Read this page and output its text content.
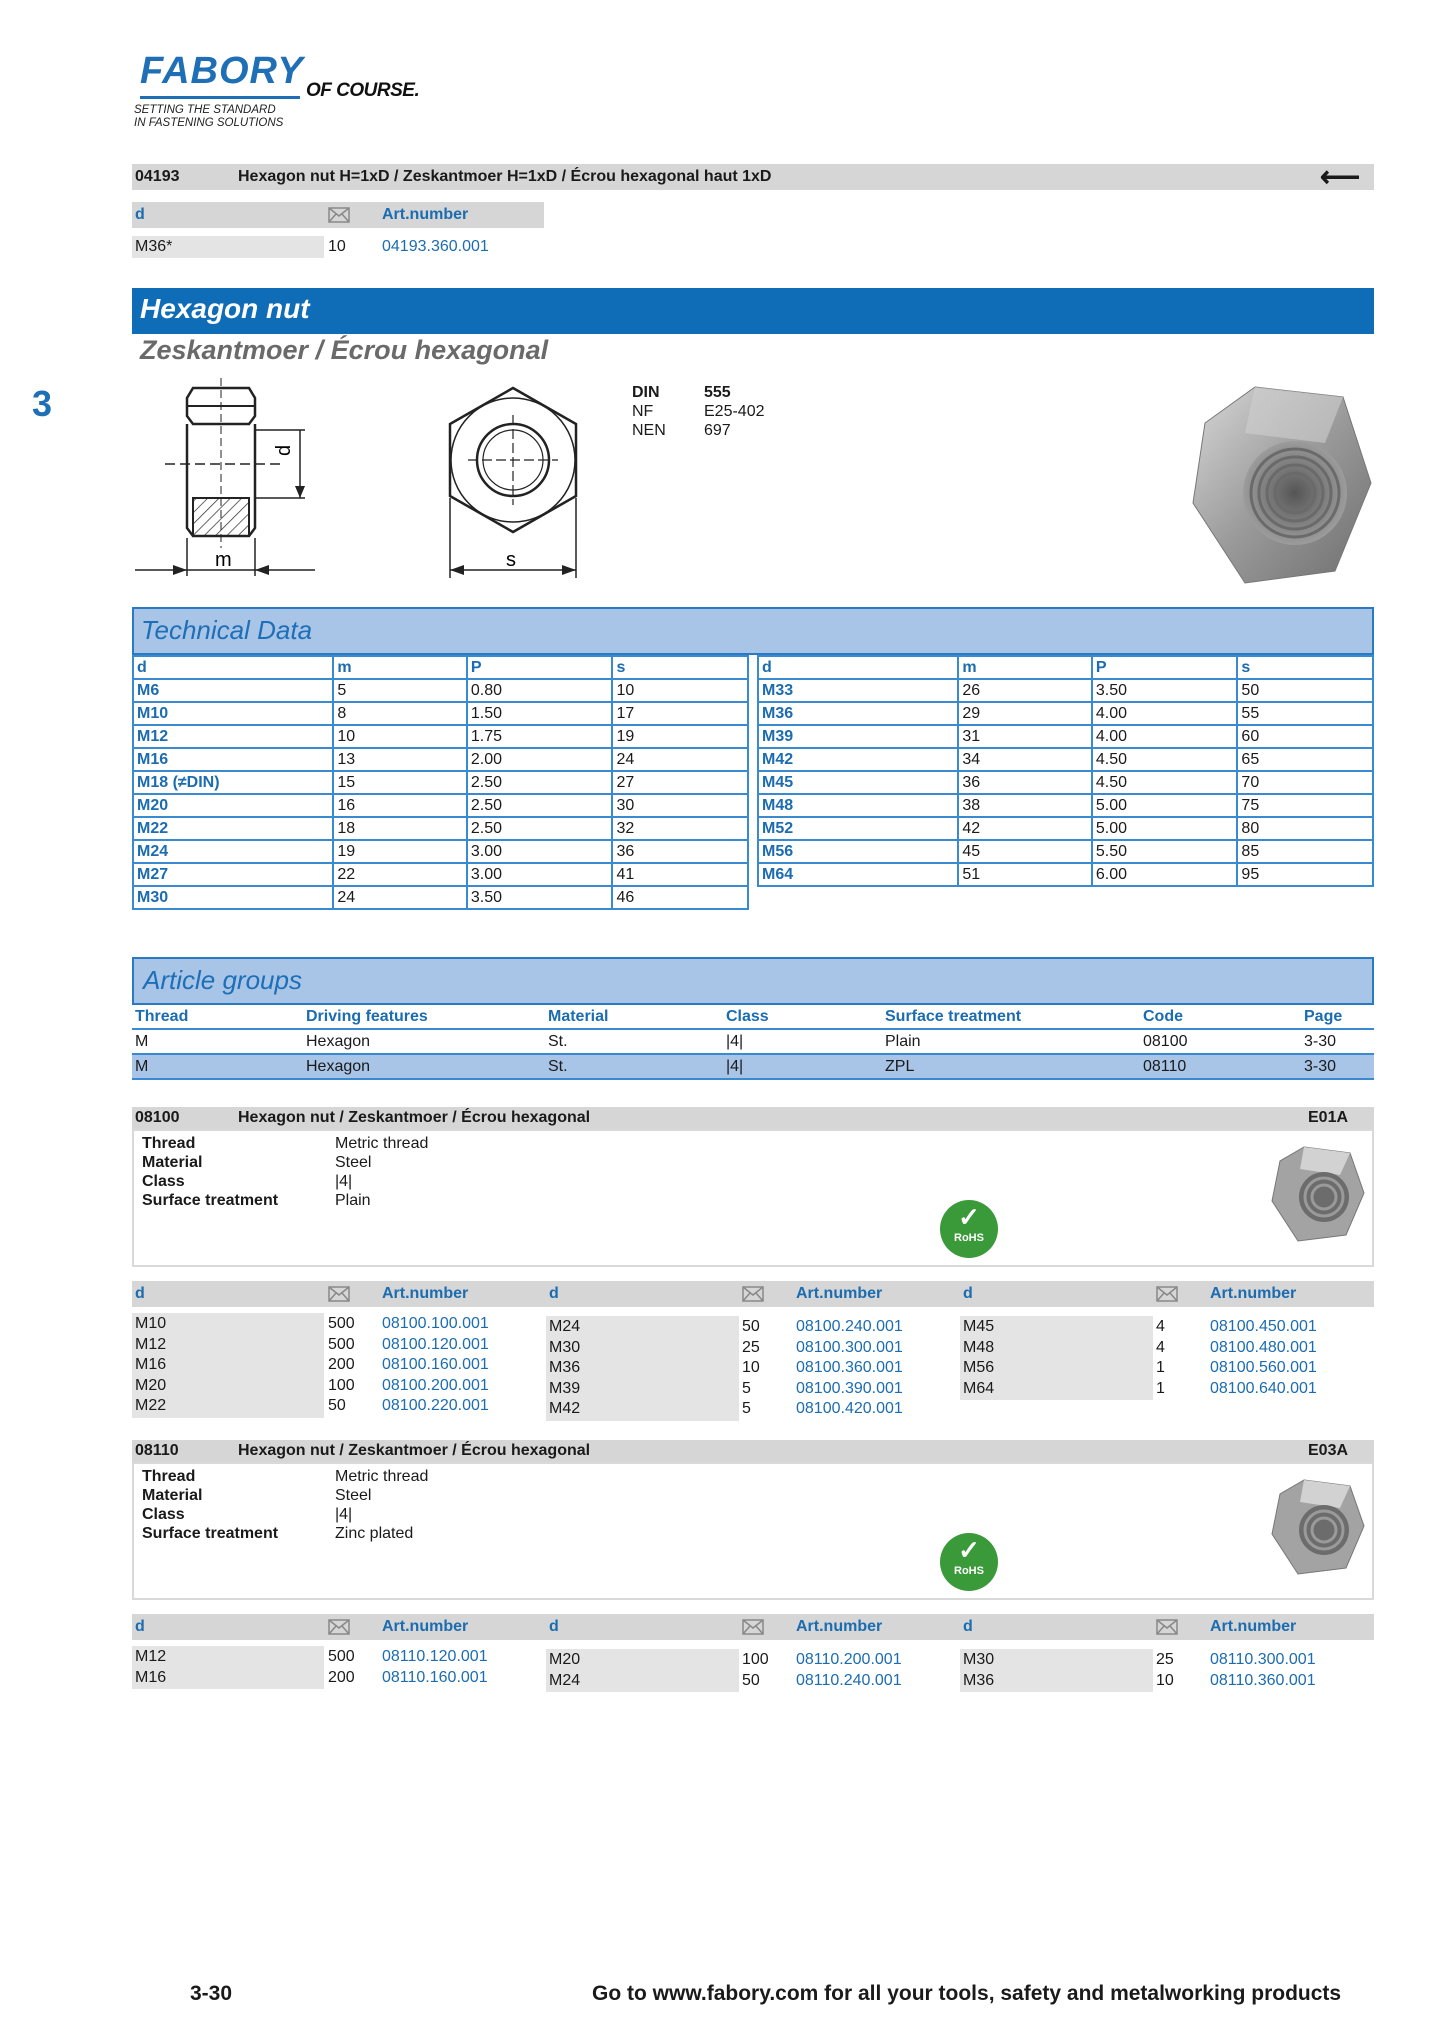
FABORY OF COURSE.
SETTING THE STANDARD
IN FASTENING SOLUTIONS
04193	Hexagon nut H=1xD / Zeskantmoer H=1xD / Écrou hexagonal haut 1xD	⟵
d	Art.number
M36*	10 04193.360.001
Hexagon nut
Zeskantmoer / Écrou hexagonal
3
d
m	s
DIN	555
NF	E25-402
NEN 697
Technical Data
d	m	P	s
M6	5	0.80	10
M10	8	1.50	17
M12	10	1.75	19
M16	13	2.00	24
M18 (≠DIN)	15	2.50	27
M20	16	2.50	30
M22	18	2.50	32
M24	19	3.00	36
M27	22	3.00	41
M30	24	3.50	46
d	m	P	s
M33	26	3.50	50
M36	29	4.00	55
M39	31	4.00	60
M42	34	4.50	65
M45	36	4.50	70
M48	38	5.00	75
M52	42	5.00	80
M56	45	5.50	85
M64	51	6.00	95
Article groups
Thread	Driving features	Material	Class	Surface treatment	Code	Page
M	Hexagon	St.	|4|	Plain	08100	3-30
M	Hexagon	St.	|4|	ZPL	08110	3-30
08100	Hexagon nut / Zeskantmoer / Écrou hexagonal	E01A
Thread	Metric thread
Material	Steel
Class	|4|
Surface treatment	Plain
✓
RoHS
d	Art.number
M10	500 08100.100.001
M12	500 08100.120.001
M16	200 08100.160.001
M20	100 08100.200.001
M22	50 08100.220.001
d	Art.number
M24	50 08100.240.001
M30	25 08100.300.001
M36	10 08100.360.001
M39	5	08100.390.001
M42	5	08100.420.001
d	Art.number
M45	4	08100.450.001
M48	4	08100.480.001
M56	1	08100.560.001
M64	1	08100.640.001
08110	Hexagon nut / Zeskantmoer / Écrou hexagonal	E03A
Thread	Metric thread
Material	Steel
Class	|4|
Surface treatment	Zinc plated
✓
RoHS
d	Art.number
M12	500 08110.120.001
M16	200 08110.160.001
d	Art.number
M20	100 08110.200.001
M24	50 08110.240.001
d	Art.number
M30	25 08110.300.001
M36	10 08110.360.001
3-30	Go to www.fabory.com for all your tools, safety and metalworking products
